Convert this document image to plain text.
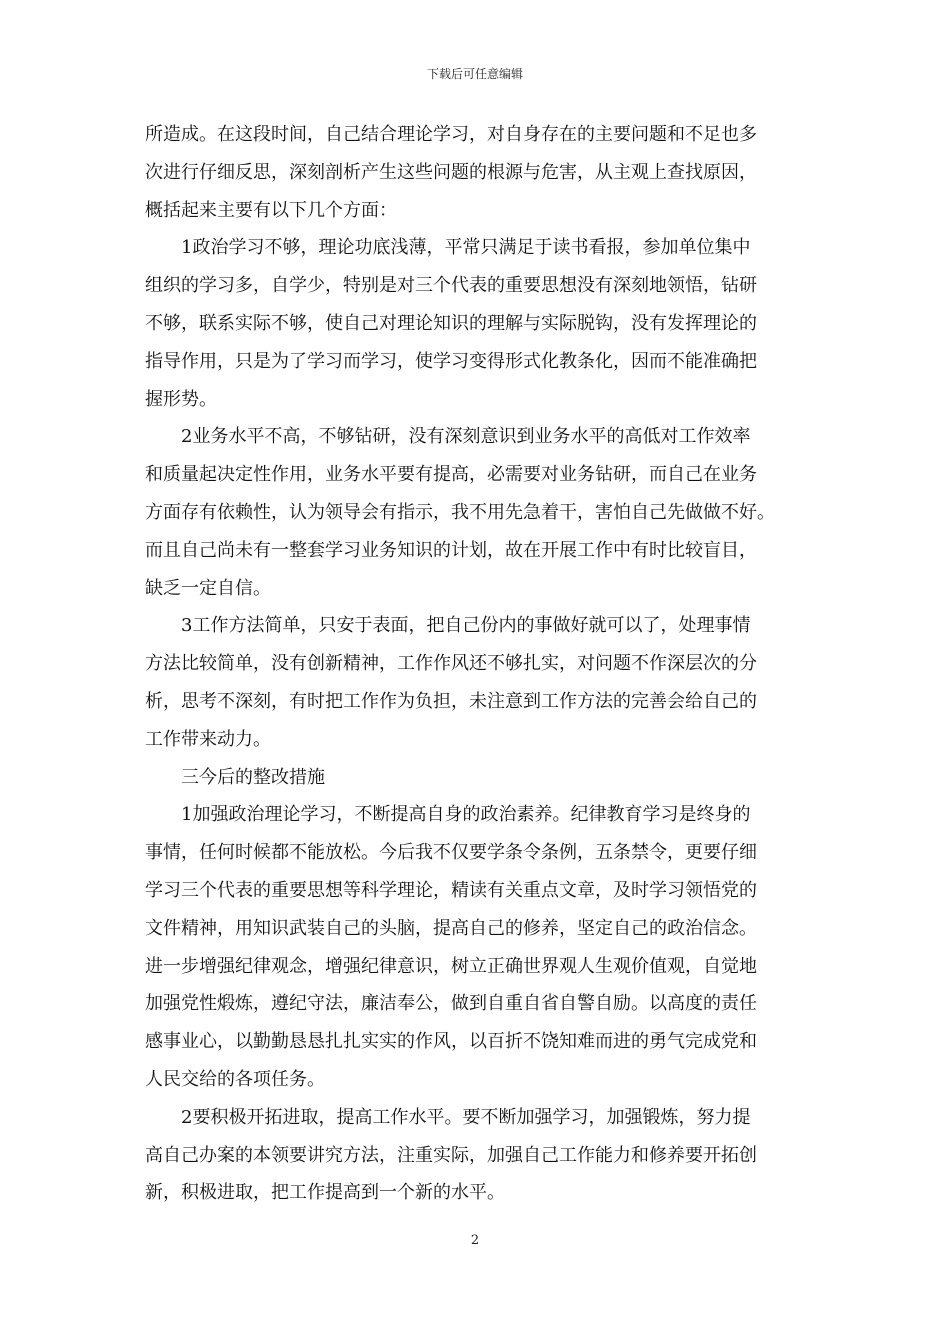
下载后可任意编辑
所造成。在这段时间，自己结合理论学习，对自身存在的主要问题和不足也多
次进行仔细反思，深刻剖析产生这些问题的根源与危害，从主观上查找原因，
概括起来主要有以下几个方面：
1政治学习不够，理论功底浅薄，平常只满足于读书看报，参加单位集中
组织的学习多，自学少，特别是对三个代表的重要思想没有深刻地领悟，钻研
不够，联系实际不够，使自己对理论知识的理解与实际脱钩，没有发挥理论的
指导作用，只是为了学习而学习，使学习变得形式化教条化，因而不能准确把
握形势。
2业务水平不高，不够钻研，没有深刻意识到业务水平的高低对工作效率
和质量起决定性作用，业务水平要有提高，必需要对业务钻研，而自己在业务
方面存有依赖性，认为领导会有指示，我不用先急着干，害怕自己先做做不好。
而且自己尚未有一整套学习业务知识的计划，故在开展工作中有时比较盲目，
缺乏一定自信。
3工作方法简单，只安于表面，把自己份内的事做好就可以了，处理事情
方法比较简单，没有创新精神，工作作风还不够扎实，对问题不作深层次的分
析，思考不深刻，有时把工作作为负担，未注意到工作方法的完善会给自己的
工作带来动力。
三今后的整改措施
1加强政治理论学习，不断提高自身的政治素养。纪律教育学习是终身的
事情，任何时候都不能放松。今后我不仅要学条令条例，五条禁令，更要仔细
学习三个代表的重要思想等科学理论，精读有关重点文章，及时学习领悟党的
文件精神，用知识武装自己的头脑，提高自己的修养，坚定自己的政治信念。
进一步增强纪律观念，增强纪律意识，树立正确世界观人生观价值观，自觉地
加强党性煅炼，遵纪守法，廉洁奉公，做到自重自省自警自励。以高度的责任
感事业心，以勤勤恳恳扎扎实实的作风，以百折不饶知难而进的勇气完成党和
人民交给的各项任务。
2要积极开拓进取，提高工作水平。要不断加强学习，加强锻炼，努力提
高自己办案的本领要讲究方法，注重实际，加强自己工作能力和修养要开拓创
新，积极进取，把工作提高到一个新的水平。
2
